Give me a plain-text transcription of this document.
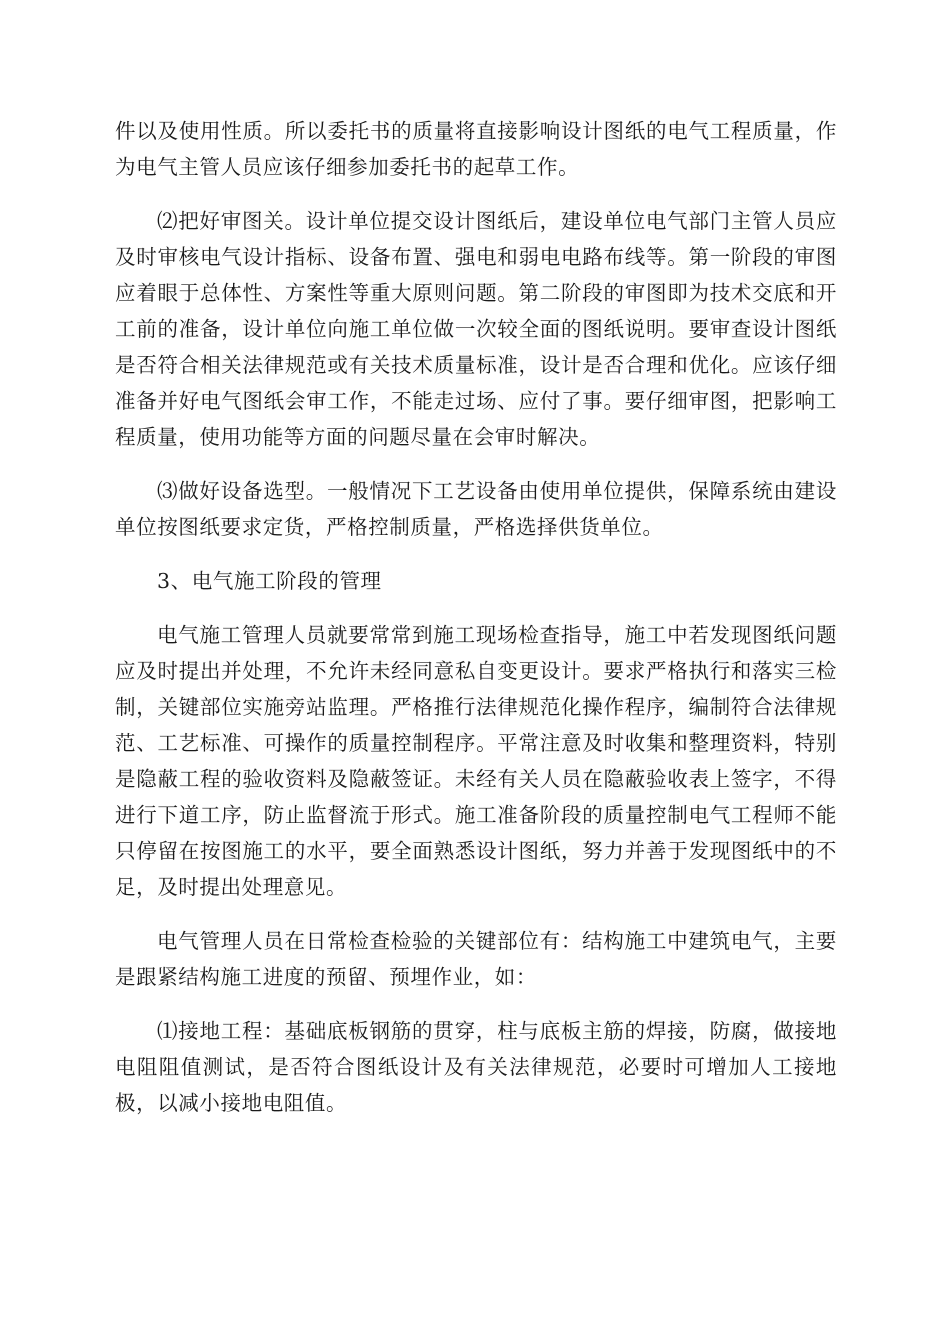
件以及使用性质。所以委托书的质量将直接影响设计图纸的电气工程质量，作为电气主管人员应该仔细参加委托书的起草工作。

⑵把好审图关。设计单位提交设计图纸后，建设单位电气部门主管人员应及时审核电气设计指标、设备布置、强电和弱电电路布线等。第一阶段的审图应着眼于总体性、方案性等重大原则问题。第二阶段的审图即为技术交底和开工前的准备，设计单位向施工单位做一次较全面的图纸说明。要审查设计图纸是否符合相关法律规范或有关技术质量标准，设计是否合理和优化。应该仔细准备并好电气图纸会审工作，不能走过场、应付了事。要仔细审图，把影响工程质量，使用功能等方面的问题尽量在会审时解决。

⑶做好设备选型。一般情况下工艺设备由使用单位提供，保障系统由建设单位按图纸要求定货，严格控制质量，严格选择供货单位。

3、电气施工阶段的管理

电气施工管理人员就要常常到施工现场检查指导，施工中若发现图纸问题应及时提出并处理，不允许未经同意私自变更设计。要求严格执行和落实三检制，关键部位实施旁站监理。严格推行法律规范化操作程序，编制符合法律规范、工艺标准、可操作的质量控制程序。平常注意及时收集和整理资料，特别是隐蔽工程的验收资料及隐蔽签证。未经有关人员在隐蔽验收表上签字，不得进行下道工序，防止监督流于形式。施工准备阶段的质量控制电气工程师不能只停留在按图施工的水平，要全面熟悉设计图纸，努力并善于发现图纸中的不足，及时提出处理意见。

电气管理人员在日常检查检验的关键部位有：结构施工中建筑电气，主要是跟紧结构施工进度的预留、预埋作业，如：

⑴接地工程：基础底板钢筋的贯穿，柱与底板主筋的焊接，防腐，做接地电阻阻值测试，是否符合图纸设计及有关法律规范，必要时可增加人工接地极，以减小接地电阻值。
